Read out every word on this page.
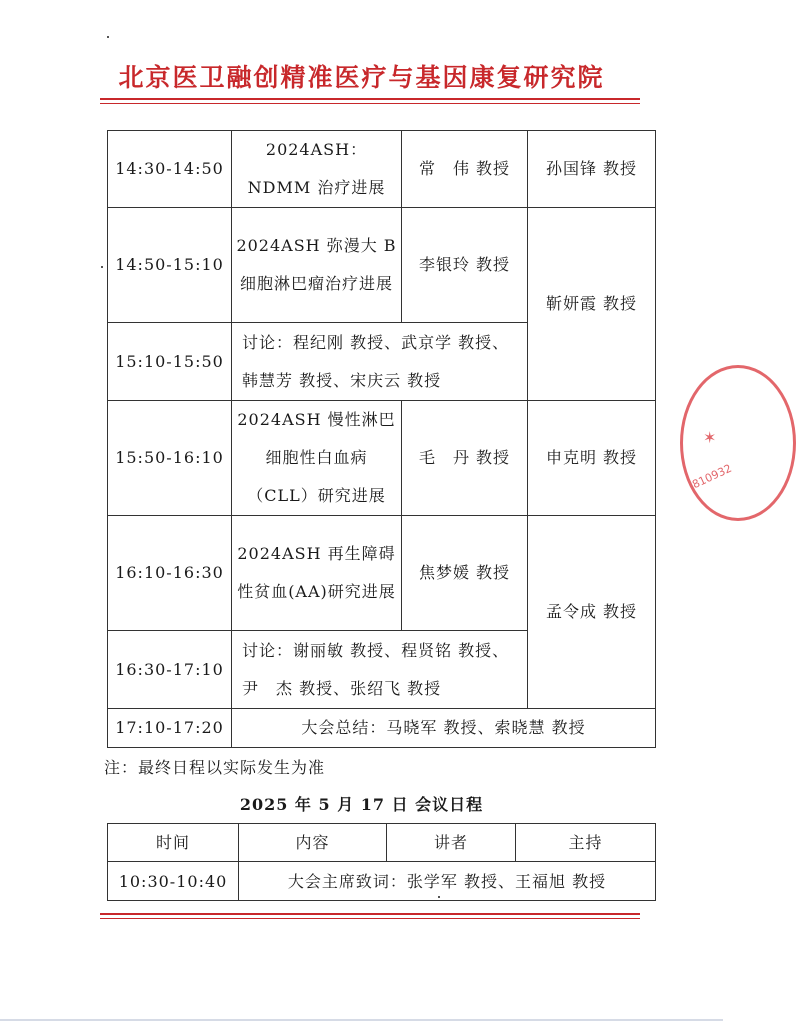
北京医卫融创精准医疗与基因康复研究院
14:30-14:50	2024ASH：NDMM 治疗进展	常　伟 教授	孙国锋 教授
14:50-15:10	2024ASH 弥漫大 B 细胞淋巴瘤治疗进展	李银玲 教授	靳妍霞 教授
15:10-15:50	讨论：程纪刚 教授、武京学 教授、韩慧芳 教授、宋庆云 教授		
15:50-16:10	2024ASH 慢性淋巴细胞性白血病（CLL）研究进展	毛　丹 教授	申克明 教授
16:10-16:30	2024ASH 再生障碍性贫血(AA)研究进展	焦梦媛 教授	孟令成 教授
16:30-17:10	讨论：谢丽敏 教授、程贤铭 教授、尹　杰 教授、张绍飞 教授		
17:10-17:20	大会总结：马晓军 教授、索晓慧 教授		
注：最终日程以实际发生为准
2025 年 5 月 17 日 会议日程
时间	内容	讲者	主持
10:30-10:40	大会主席致词：张学军 教授、王福旭 教授		
✶
810932
